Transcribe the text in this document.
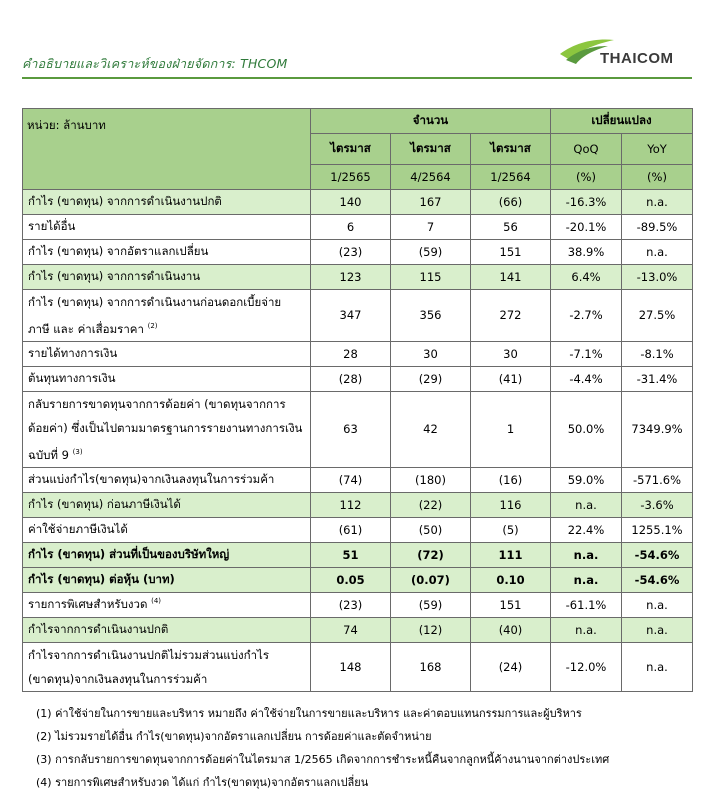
คำอธิบายและวิเคราะห์ของฝ่ายจัดการ: THCOM	THAICOM
หน่วย: ล้านบาท	จำนวน			เปลี่ยนแปลง	
	ไตรมาส	ไตรมาส	ไตรมาส	QoQ	YoY
	1/2565	4/2564	1/2564	(%)	(%)
กำไร (ขาดทุน) จากการดำเนินงานปกติ	140	167	(66)	-16.3%	n.a.
รายได้อื่น	6	7	56	-20.1%	-89.5%
กำไร (ขาดทุน) จากอัตราแลกเปลี่ยน	(23)	(59)	151	38.9%	n.a.
กำไร (ขาดทุน) จากการดำเนินงาน	123	115	141	6.4%	-13.0%
กำไร (ขาดทุน) จากการดำเนินงานก่อนดอกเบี้ยจ่าย ภาษี และ ค่าเสื่อมราคา $^{(2)}$	347	356	272	-2.7%	27.5%
รายได้ทางการเงิน	28	30	30	-7.1%	-8.1%
ต้นทุนทางการเงิน	(28)	(29)	(41)	-4.4%	-31.4%
กลับรายการขาดทุนจากการด้อยค่า (ขาดทุนจากการด้อยค่า) ซึ่งเป็นไปตามมาตรฐานการรายงานทางการเงิน ฉบับที่ 9 $^{(3)}$	63	42	1	50.0%	7349.9%
ส่วนแบ่งกำไร(ขาดทุน)จากเงินลงทุนในการร่วมค้า	(74)	(180)	(16)	59.0%	-571.6%
กำไร (ขาดทุน) ก่อนภาษีเงินได้	112	(22)	116	n.a.	-3.6%
ค่าใช้จ่ายภาษีเงินได้	(61)	(50)	(5)	22.4%	1255.1%
กำไร (ขาดทุน) ส่วนที่เป็นของบริษัทใหญ่	51	(72)	111	n.a.	-54.6%
กำไร (ขาดทุน) ต่อหุ้น (บาท)	0.05	(0.07)	0.10	n.a.	-54.6%
รายการพิเศษสำหรับงวด $^{(4)}$	(23)	(59)	151	-61.1%	n.a.
กำไรจากการดำเนินงานปกติ	74	(12)	(40)	n.a.	n.a.
กำไรจากการดำเนินงานปกติไม่รวมส่วนแบ่งกำไร (ขาดทุน)จากเงินลงทุนในการร่วมค้า	148	168	(24)	-12.0%	n.a.
(1) ค่าใช้จ่ายในการขายและบริหาร หมายถึง ค่าใช้จ่ายในการขายและบริหาร และค่าตอบแทนกรรมการและผู้บริหาร
(2) ไม่รวมรายได้อื่น กำไร(ขาดทุน)จากอัตราแลกเปลี่ยน การด้อยค่าและตัดจำหน่าย
(3) การกลับรายการขาดทุนจากการด้อยค่าในไตรมาส 1/2565 เกิดจากการชำระหนี้คืนจากลูกหนี้ค้างนานจากต่างประเทศ
(4) รายการพิเศษสำหรับงวด ได้แก่ กำไร(ขาดทุน)จากอัตราแลกเปลี่ยน
